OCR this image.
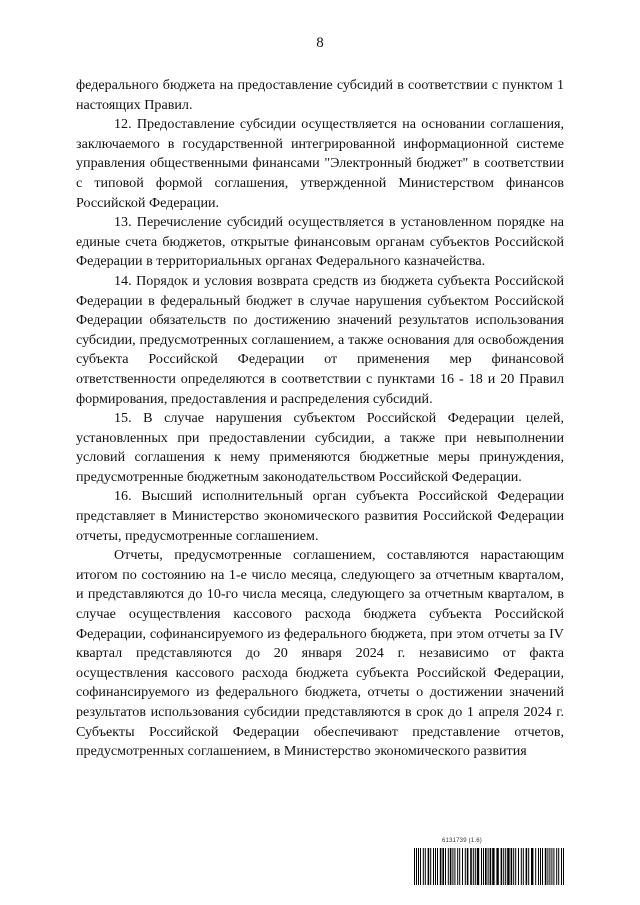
8

федерального бюджета на предоставление субсидий в соответствии с пунктом 1 настоящих Правил.

12. Предоставление субсидии осуществляется на основании соглашения, заключаемого в государственной интегрированной информационной системе управления общественными финансами "Электронный бюджет" в соответствии с типовой формой соглашения, утвержденной Министерством финансов Российской Федерации.

13. Перечисление субсидий осуществляется в установленном порядке на единые счета бюджетов, открытые финансовым органам субъектов Российской Федерации в территориальных органах Федерального казначейства.

14. Порядок и условия возврата средств из бюджета субъекта Российской Федерации в федеральный бюджет в случае нарушения субъектом Российской Федерации обязательств по достижению значений результатов использования субсидии, предусмотренных соглашением, а также основания для освобождения субъекта Российской Федерации от применения мер финансовой ответственности определяются в соответствии с пунктами 16 - 18 и 20 Правил формирования, предоставления и распределения субсидий.

15. В случае нарушения субъектом Российской Федерации целей, установленных при предоставлении субсидии, а также при невыполнении условий соглашения к нему применяются бюджетные меры принуждения, предусмотренные бюджетным законодательством Российской Федерации.

16. Высший исполнительный орган субъекта Российской Федерации представляет в Министерство экономического развития Российской Федерации отчеты, предусмотренные соглашением.

Отчеты, предусмотренные соглашением, составляются нарастающим итогом по состоянию на 1-е число месяца, следующего за отчетным кварталом, и представляются до 10-го числа месяца, следующего за отчетным кварталом, в случае осуществления кассового расхода бюджета субъекта Российской Федерации, софинансируемого из федерального бюджета, при этом отчеты за IV квартал представляются до 20 января 2024 г. независимо от факта осуществления кассового расхода бюджета субъекта Российской Федерации, софинансируемого из федерального бюджета, отчеты о достижении значений результатов использования субсидии представляются в срок до 1 апреля 2024 г. Субъекты Российской Федерации обеспечивают представление отчетов, предусмотренных соглашением, в Министерство экономического развития

6131739 (1.6)
